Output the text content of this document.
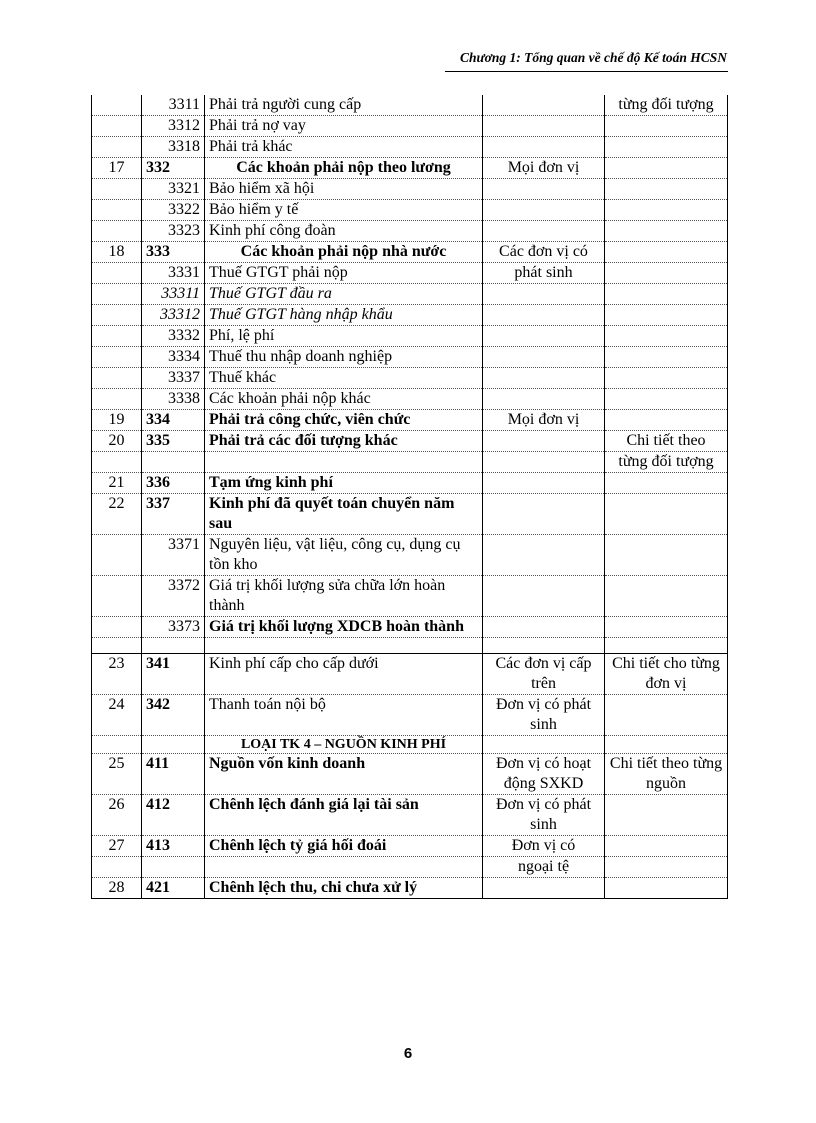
Chương 1: Tổng quan về chế độ Kế toán HCSN
	3311	Phải trả người cung cấp		từng đối tượng
	3312	Phải trả nợ vay		
	3318	Phải trả khác		
17	332	Các khoản phải nộp theo lương	Mọi đơn vị	
	3321	Bảo hiểm xã hội		
	3322	Bảo hiểm y tế		
	3323	Kinh phí công đoàn		
18	333	Các khoản phải nộp nhà nước	Các đơn vị có	
	3331	Thuế GTGT phải nộp	phát sinh	
	33311	Thuế GTGT đầu ra		
	33312	Thuế GTGT hàng nhập khẩu		
	3332	Phí, lệ phí		
	3334	Thuế thu nhập doanh nghiệp		
	3337	Thuế khác		
	3338	Các khoản phải nộp khác		
19	334	Phải trả công chức, viên chức	Mọi đơn vị	
20	335	Phải trả các đối tượng khác		Chi tiết theo
				từng đối tượng
21	336	Tạm ứng kinh phí		
22	337	Kinh phí đã quyết toán chuyển năm sau		
	3371	Nguyên liệu, vật liệu, công cụ, dụng cụ tồn kho		
	3372	Giá trị khối lượng sửa chữa lớn hoàn thành		
	3373	Giá trị khối lượng XDCB hoàn thành		

23	341	Kinh phí cấp cho cấp dưới	Các đơn vị cấp trên	Chi tiết cho từng đơn vị
24	342	Thanh toán nội bộ	Đơn vị có phát sinh	
		LOẠI TK 4 – NGUỒN KINH PHÍ		
25	411	Nguồn vốn kinh doanh	Đơn vị có hoạt động SXKD	Chi tiết theo từng nguồn
26	412	Chênh lệch đánh giá lại tài sản	Đơn vị có phát sinh	
27	413	Chênh lệch tỷ giá hối đoái	Đơn vị có	
			ngoại tệ	
28	421	Chênh lệch thu, chi chưa xử lý		
6
